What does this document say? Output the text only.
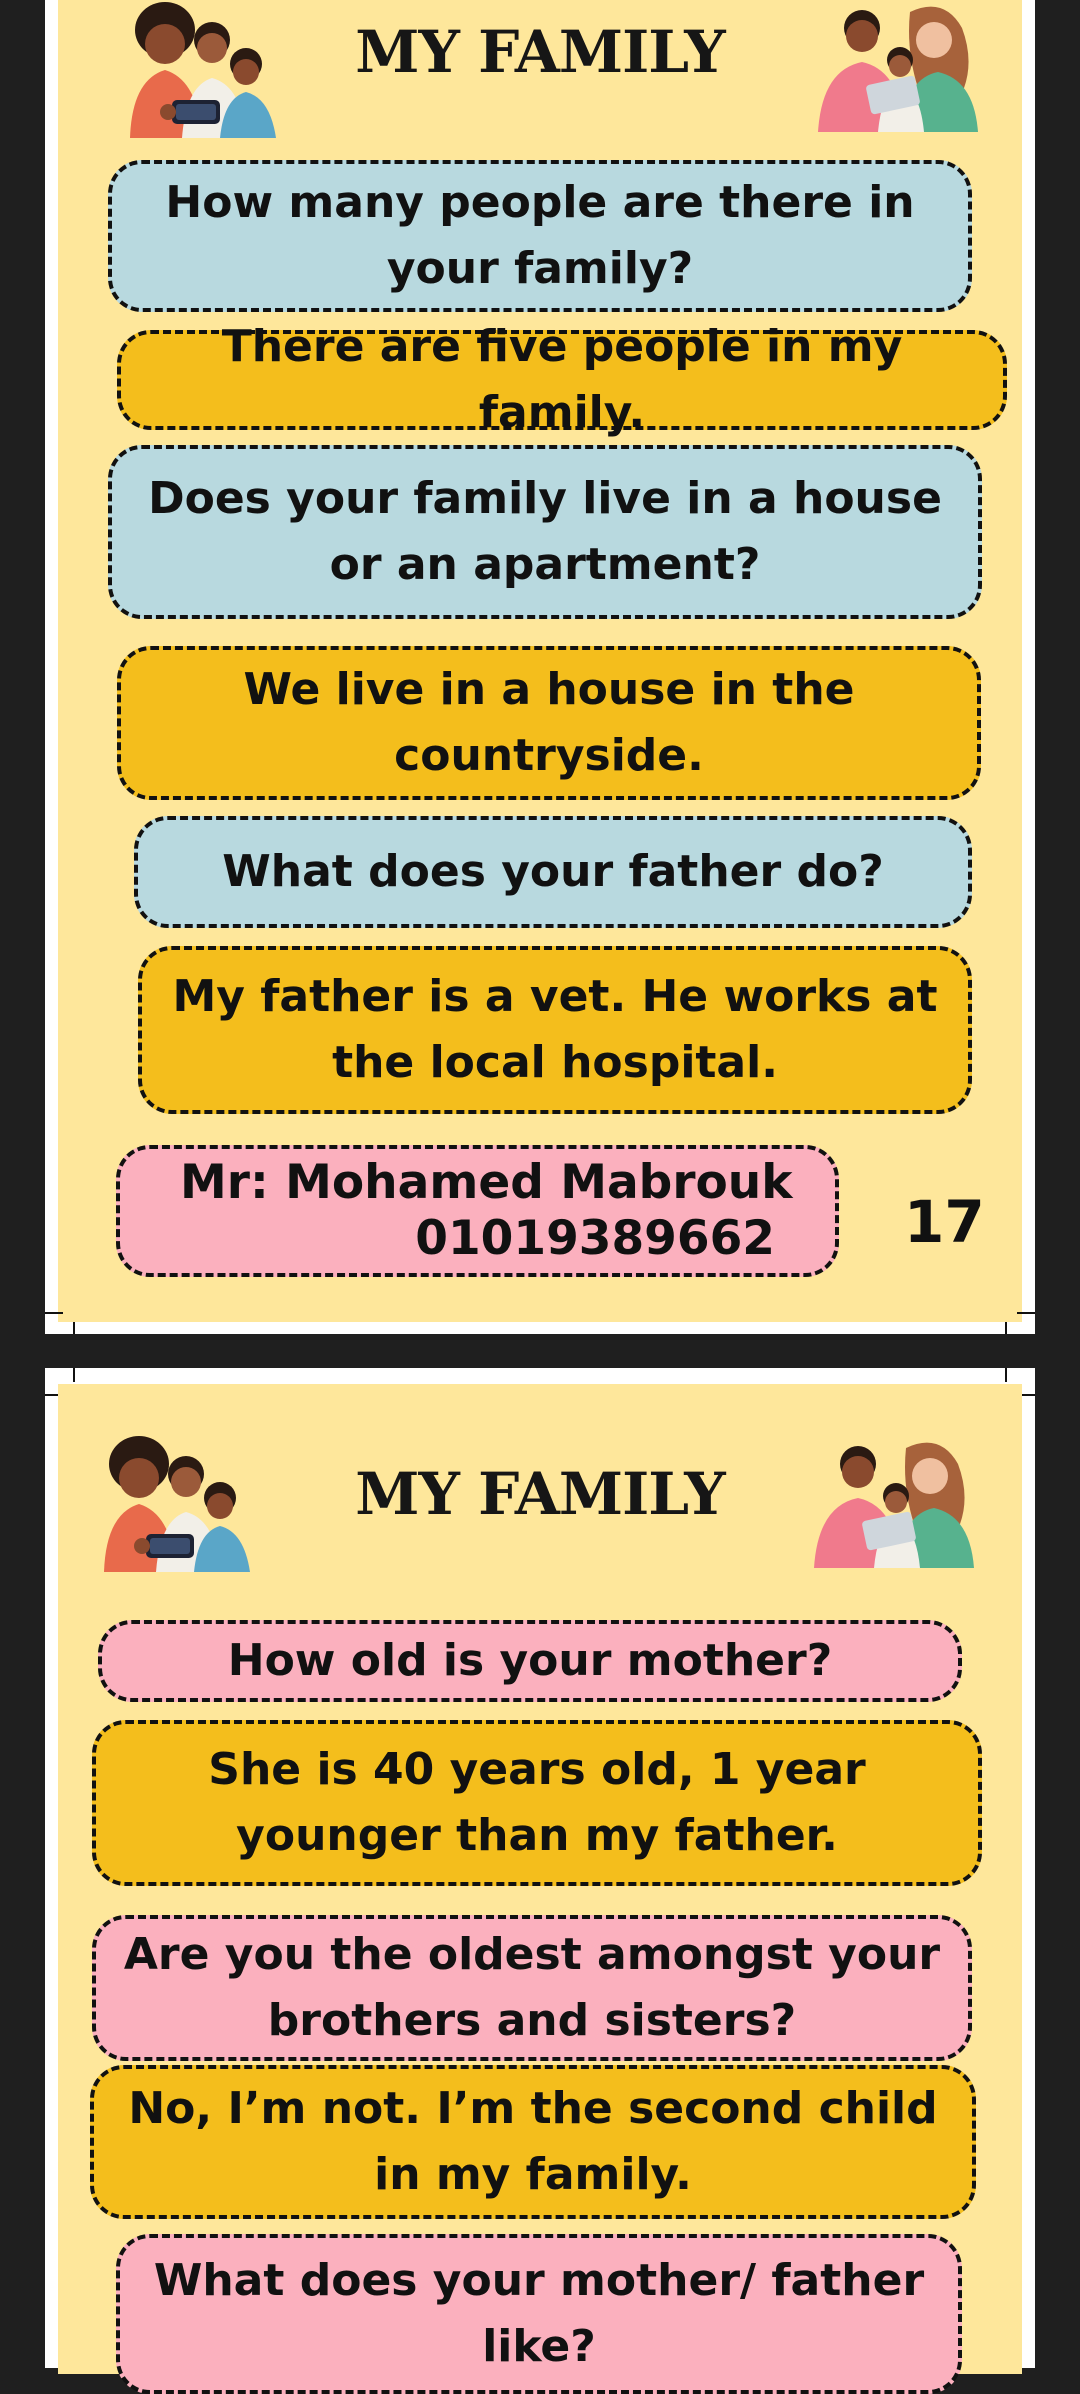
MY FAMILY
How many people are there in your family?
There are five people in my family.
Does your family live in a house or an apartment?
We live in a house in the countryside.
What does your father do?
My father is a vet. He works at the local hospital.
Mr: Mohamed Mabrouk
01019389662 17
MY FAMILY
How old is your mother?
She is 40 years old, 1 year younger than my father.
Are you the oldest amongst your brothers and sisters?
No, I’m not. I’m the second child in my family.
What does your mother/ father like?
